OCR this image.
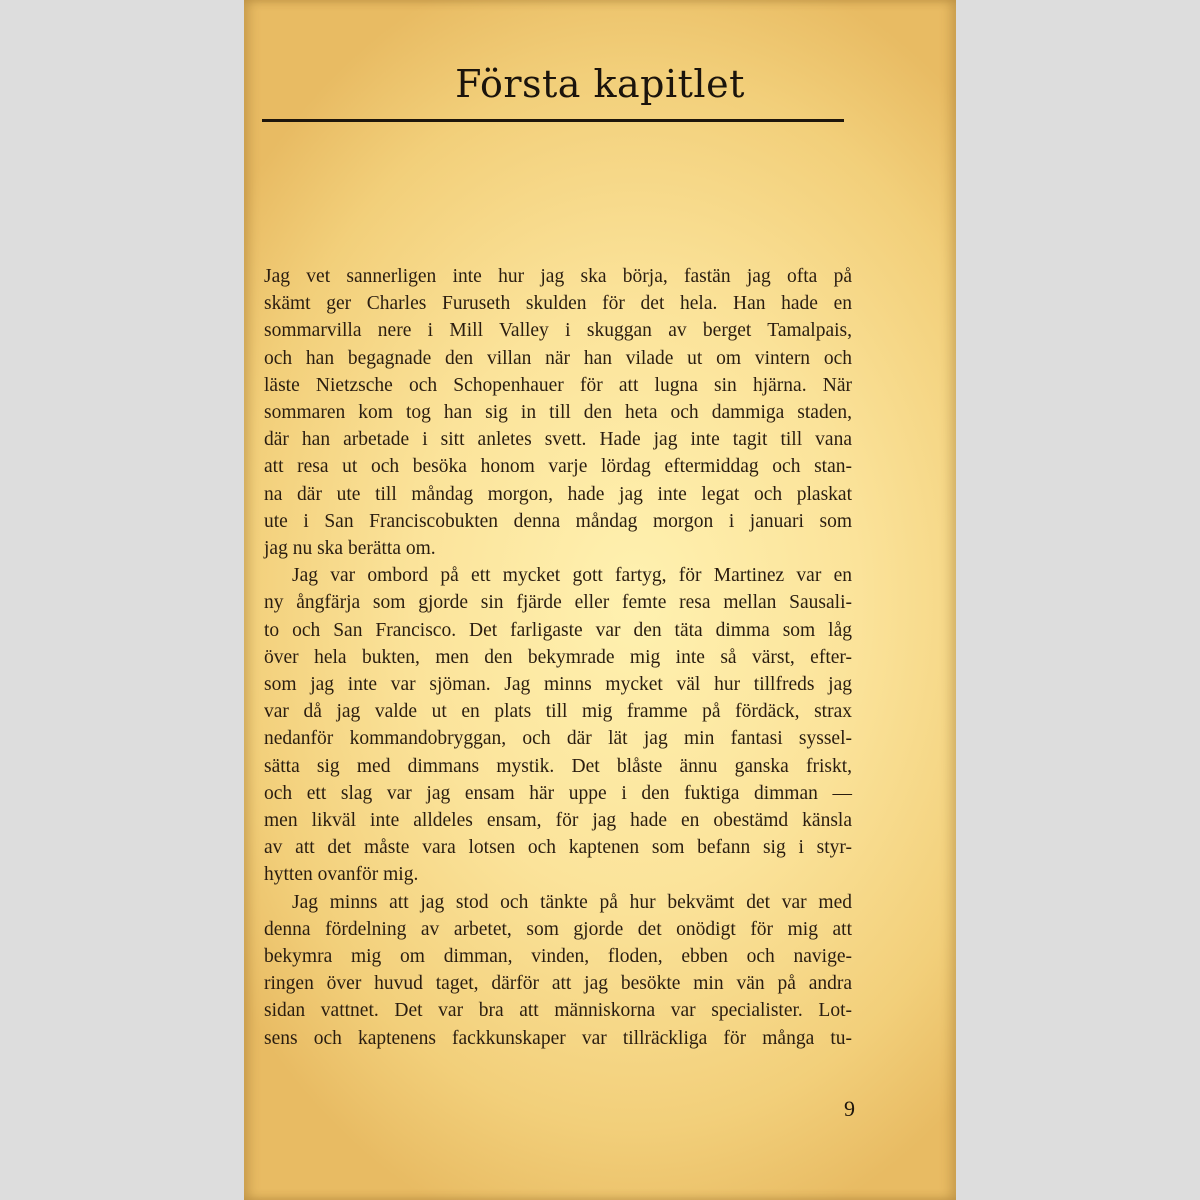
Första kapitlet

Jag vet sannerligen inte hur jag ska börja, fastän jag ofta på
skämt ger Charles Furuseth skulden för det hela. Han hade en
sommarvilla nere i Mill Valley i skuggan av berget Tamalpais,
och han begagnade den villan när han vilade ut om vintern och
läste Nietzsche och Schopenhauer för att lugna sin hjärna. När
sommaren kom tog han sig in till den heta och dammiga staden,
där han arbetade i sitt anletes svett. Hade jag inte tagit till vana
att resa ut och besöka honom varje lördag eftermiddag och stan-
na där ute till måndag morgon, hade jag inte legat och plaskat
ute i San Franciscobukten denna måndag morgon i januari som
jag nu ska berätta om.

Jag var ombord på ett mycket gott fartyg, för Martinez var en
ny ångfärja som gjorde sin fjärde eller femte resa mellan Sausali-
to och San Francisco. Det farligaste var den täta dimma som låg
över hela bukten, men den bekymrade mig inte så värst, efter-
som jag inte var sjöman. Jag minns mycket väl hur tillfreds jag
var då jag valde ut en plats till mig framme på fördäck, strax
nedanför kommandobryggan, och där lät jag min fantasi syssel-
sätta sig med dimmans mystik. Det blåste ännu ganska friskt,
och ett slag var jag ensam här uppe i den fuktiga dimman —
men likväl inte alldeles ensam, för jag hade en obestämd känsla
av att det måste vara lotsen och kaptenen som befann sig i styr-
hytten ovanför mig.

Jag minns att jag stod och tänkte på hur bekvämt det var med
denna fördelning av arbetet, som gjorde det onödigt för mig att
bekymra mig om dimman, vinden, floden, ebben och navige-
ringen över huvud taget, därför att jag besökte min vän på andra
sidan vattnet. Det var bra att människorna var specialister. Lot-
sens och kaptenens fackkunskaper var tillräckliga för många tu-

9
